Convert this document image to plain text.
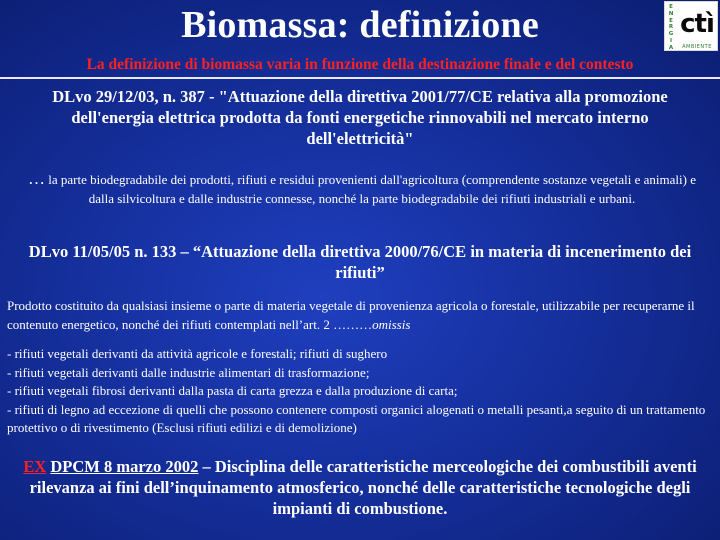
Biomassa: definizione	E
N
E
R
G
I
A
ctì
AMBIENTE
La definizione di biomassa varia in funzione della destinazione finale e del contesto
DLvo 29/12/03, n. 387 - "Attuazione della direttiva 2001/77/CE relativa alla promozione dell'energia elettrica prodotta da fonti energetiche rinnovabili nel mercato interno dell'elettricità"
… la parte biodegradabile dei prodotti, rifiuti e residui provenienti dall'agricoltura (comprendente sostanze vegetali e animali) e dalla silvicoltura e dalle industrie connesse, nonché la parte biodegradabile dei rifiuti industriali e urbani.
DLvo 11/05/05 n. 133 – “Attuazione della direttiva 2000/76/CE in materia di incenerimento dei rifiuti”
Prodotto costituito da qualsiasi insieme o parte di materia vegetale di provenienza agricola o forestale, utilizzabile per recuperarne il contenuto energetico, nonché dei rifiuti contemplati nell’art. 2 ………omissis
- rifiuti vegetali derivanti da attività agricole e forestali; rifiuti di sughero
- rifiuti vegetali derivanti dalle industrie alimentari di trasformazione;
- rifiuti vegetali fibrosi derivanti dalla pasta di carta grezza e dalla produzione di carta;
- rifiuti di legno ad eccezione di quelli che possono contenere composti organici alogenati o metalli pesanti,a seguito di un trattamento protettivo o di rivestimento (Esclusi rifiuti edilizi e di demolizione)
EX DPCM 8 marzo 2002 – Disciplina delle caratteristiche merceologiche dei combustibili aventi rilevanza ai fini dell’inquinamento atmosferico, nonché delle caratteristiche tecnologiche degli impianti di combustione.
